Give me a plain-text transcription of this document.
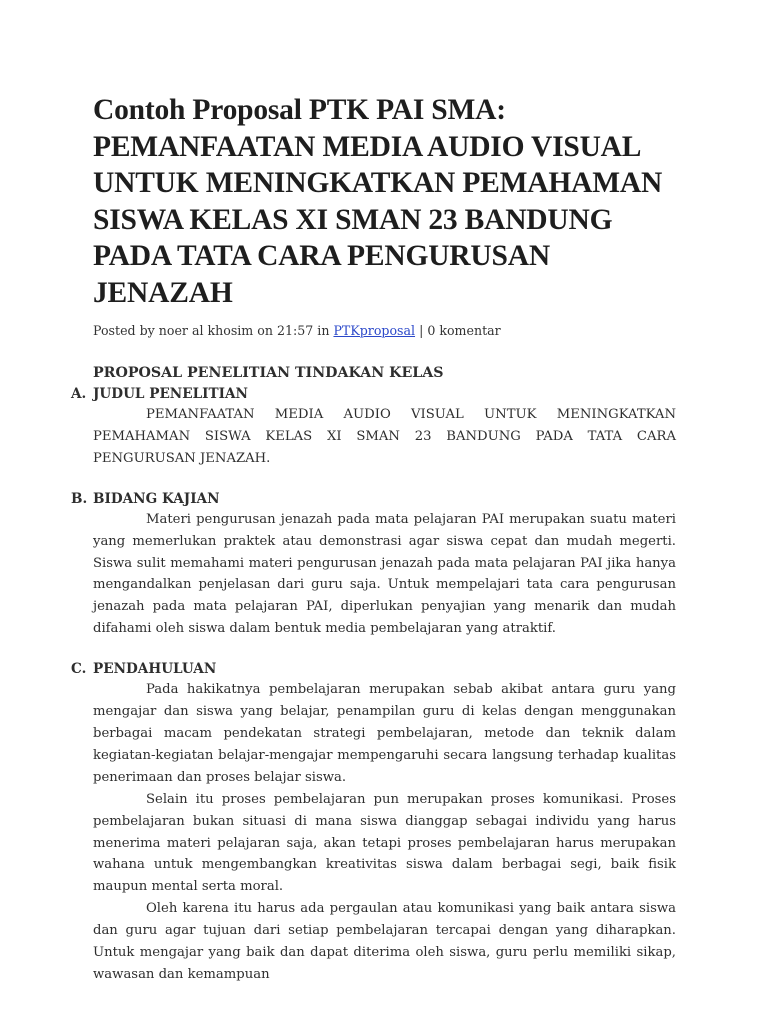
Contoh Proposal PTK PAI SMA: PEMANFAATAN MEDIA AUDIO VISUAL UNTUK MENINGKATKAN PEMAHAMAN SISWA KELAS XI SMAN 23 BANDUNG PADA TATA CARA PENGURUSAN JENAZAH
Posted by noer al khosim on 21:57 in PTKproposal | 0 komentar
PROPOSAL PENELITIAN TINDAKAN KELAS
A. JUDUL PENELITIAN

PEMANFAATAN MEDIA AUDIO VISUAL UNTUK MENINGKATKAN PEMAHAMAN SISWA KELAS XI SMAN 23 BANDUNG PADA TATA CARA PENGURUSAN JENAZAH.

B. BIDANG KAJIAN

Materi pengurusan jenazah pada mata pelajaran PAI merupakan suatu materi yang memerlukan praktek atau demonstrasi agar siswa cepat dan mudah megerti. Siswa sulit memahami materi pengurusan jenazah pada mata pelajaran PAI jika hanya mengandalkan penjelasan dari guru saja. Untuk mempelajari tata cara pengurusan jenazah pada mata pelajaran PAI, diperlukan penyajian yang menarik dan mudah difahami oleh siswa dalam bentuk media pembelajaran yang atraktif.

C. PENDAHULUAN

Pada hakikatnya pembelajaran merupakan sebab akibat antara guru yang mengajar dan siswa yang belajar, penampilan guru di kelas dengan menggunakan berbagai macam pendekatan strategi pembelajaran, metode dan teknik dalam kegiatan-kegiatan belajar-mengajar mempengaruhi secara langsung terhadap kualitas penerimaan dan proses belajar siswa.

Selain itu proses pembelajaran pun merupakan proses komunikasi. Proses pembelajaran bukan situasi di mana siswa dianggap sebagai individu yang harus menerima materi pelajaran saja, akan tetapi proses pembelajaran harus merupakan wahana untuk mengembangkan kreativitas siswa dalam berbagai segi, baik fisik maupun mental serta moral.

Oleh karena itu harus ada pergaulan atau komunikasi yang baik antara siswa dan guru agar tujuan dari setiap pembelajaran tercapai dengan yang diharapkan. Untuk mengajar yang baik dan dapat diterima oleh siswa, guru perlu memiliki sikap, wawasan dan kemampuan
